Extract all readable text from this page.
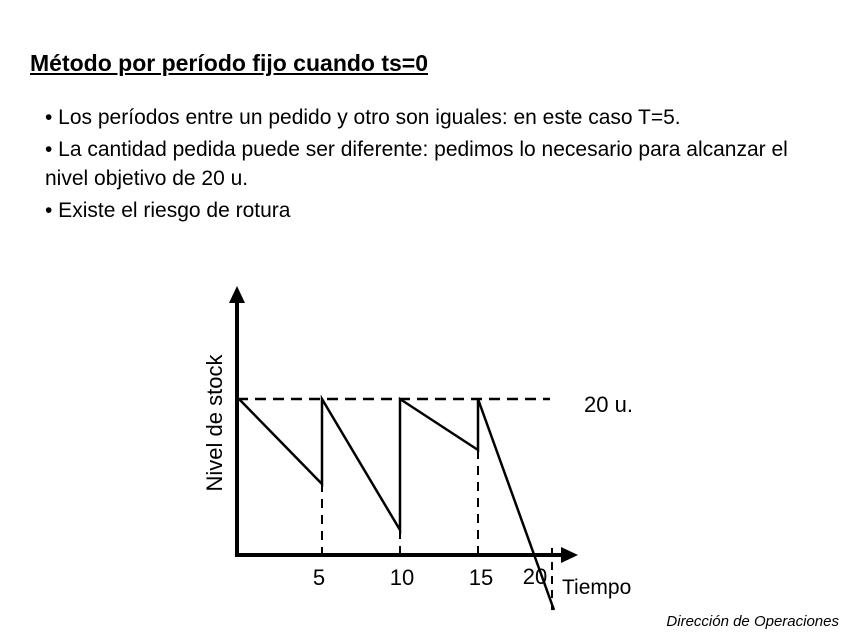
Método por período fijo cuando ts=0

• Los períodos entre un pedido y otro son iguales: en este caso T=5.

• La cantidad pedida puede ser diferente: pedimos lo necesario para alcanzar el nivel objetivo de 20 u.

• Existe el riesgo de rotura

Nivel de stock	20 u.
Tiempo
5	10 15 20
Dirección de Operaciones
